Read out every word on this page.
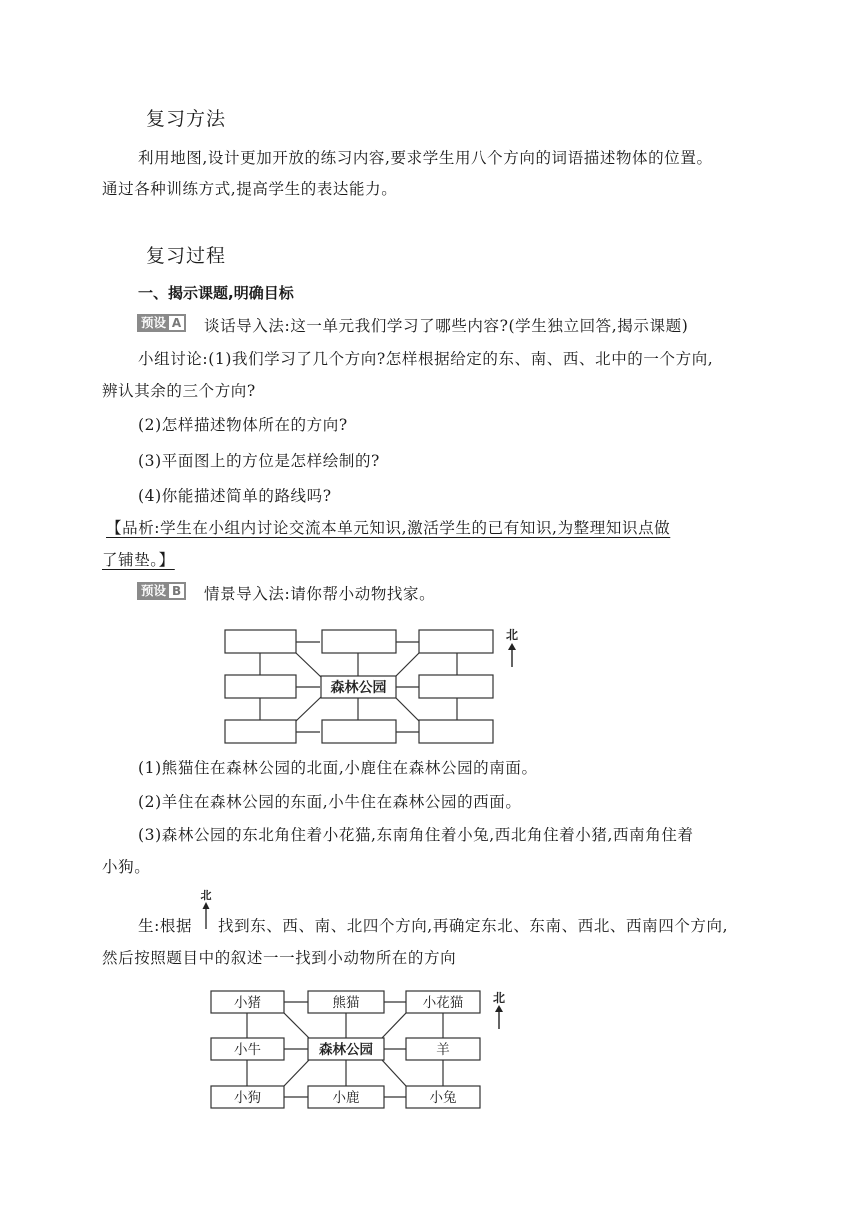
复习方法
利用地图,设计更加开放的练习内容,要求学生用八个方向的词语描述物体的位置。
通过各种训练方式,提高学生的表达能力。
复习过程
一、揭示课题,明确目标
预设 A 谈话导入法:这一单元我们学习了哪些内容?(学生独立回答,揭示课题)
小组讨论:(1)我们学习了几个方向?怎样根据给定的东、南、西、北中的一个方向,
辨认其余的三个方向?
(2)怎样描述物体所在的方向?
(3)平面图上的方位是怎样绘制的?
(4)你能描述简单的路线吗?
【品析:学生在小组内讨论交流本单元知识,激活学生的已有知识,为整理知识点做
了铺垫。】
预设 B 情景导入法:请你帮小动物找家。
森林公园
北
(1)熊猫住在森林公园的北面,小鹿住在森林公园的南面。
(2)羊住在森林公园的东面,小牛住在森林公园的西面。
(3)森林公园的东北角住着小花猫,东南角住着小兔,西北角住着小猪,西南角住着
小狗。
生:根据
北
找到东、西、南、北四个方向,再确定东北、东南、西北、西南四个方向,
然后按照题目中的叙述一一找到小动物所在的方向
小猪	熊猫	小花猫
小牛	森林公园	羊
小狗	小鹿	小兔
北
